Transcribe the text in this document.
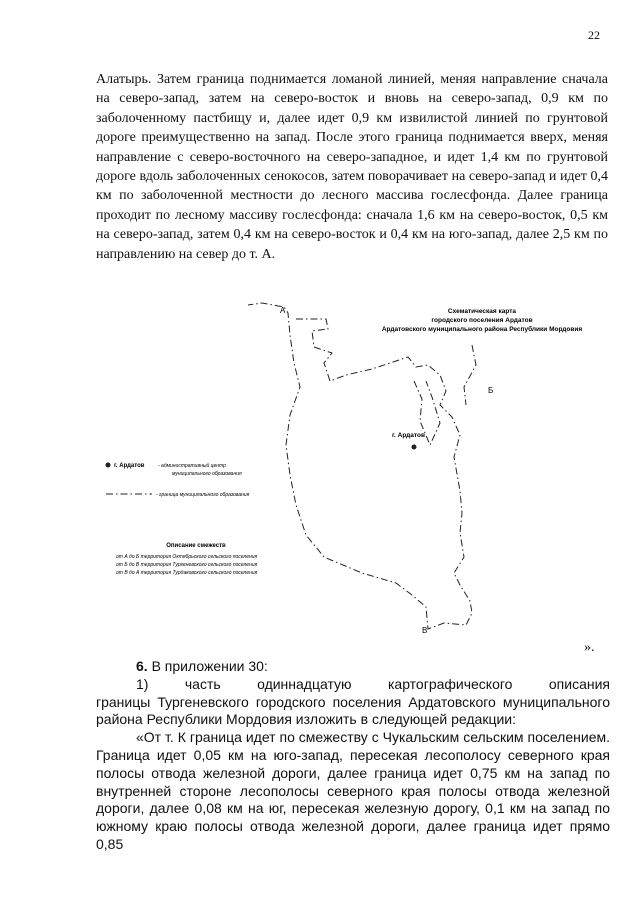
22

Алатырь. Затем граница поднимается ломаной линией, меняя направление сначала на северо-запад, затем на северо-восток и вновь на северо-запад, 0,9 км по заболоченному пастбищу и, далее идет 0,9 км извилистой линией по грунтовой дороге преимущественно на запад. После этого граница поднимается вверх, меняя направление с северо-восточного на северо-западное, и идет 1,4 км по грунтовой дороге вдоль заболоченных сенокосов, затем поворачивает на северо-запад и идет 0,4 км по заболоченной местности до лесного массива гослесфонда. Далее граница проходит по лесному массиву гослесфонда: сначала 1,6 км на северо-восток, 0,5 км на северо-запад, затем 0,4 км на северо-восток и 0,4 км на юго-запад, далее 2,5 км по направлению на север до т. А.

А
Б
В
Схематическая карта
городского поселения Ардатов
Ардатовского муниципального района Республики Мордовия
г. Ардатов
г. Ардатов	- административный центр
муниципального образования
- граница муниципального образования
Описание смежеств
от А до Б территория Октябрьского сельского поселения
от Б до В территория Тургеневского сельского поселения
от В до А территория Турдаковского сельского поселения
».

6. В приложении 30:

1)      часть      одиннадцатую      картографического      описания      границы Тургеневского городского поселения Ардатовского муниципального района Республики Мордовия изложить в следующей редакции:

«От т. К граница идет по смежеству с Чукальским сельским поселением. Граница идет 0,05 км на юго-запад, пересекая лесополосу северного края полосы отвода железной дороги, далее граница идет 0,75 км на запад по внутренней стороне лесополосы северного края полосы отвода железной дороги, далее 0,08 км на юг, пересекая железную дорогу, 0,1 км на запад по южному краю полосы отвода железной дороги, далее граница идет прямо 0,85
